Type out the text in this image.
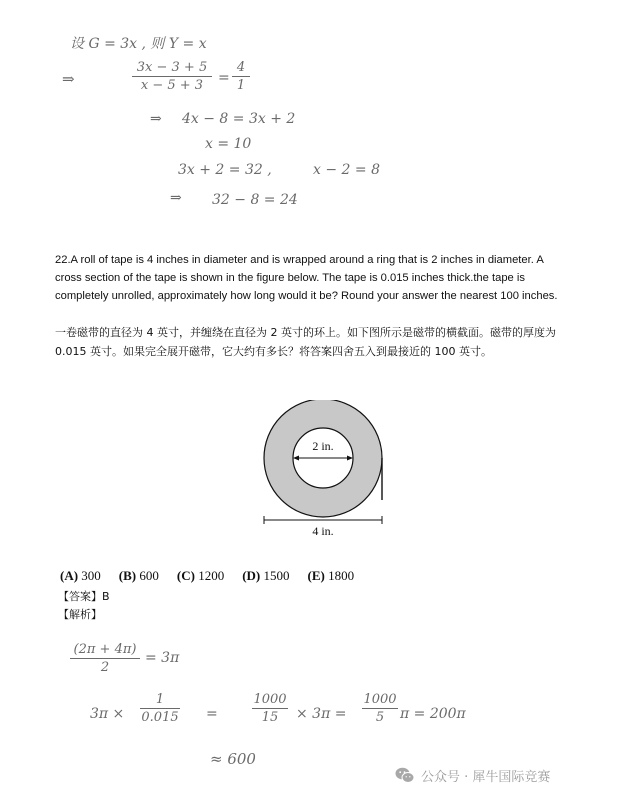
设 G = 3x , 则 Y = x
⇒
3x − 3 + 5
x − 5 + 3	=
4
1
⇒ 4x − 8 = 3x + 2
x = 10
3x + 2 = 32 ,	x − 2 = 8
⇒ 32 − 8 = 24
22.A roll of tape is 4 inches in diameter and is wrapped around a ring that is 2 inches in diameter. A cross section of the tape is shown in the figure below. The tape is 0.015 inches thick.the tape is completely unrolled, approximately how long would it be? Round your answer the nearest 100 inches.
一卷磁带的直径为 4 英寸，并缠绕在直径为 2 英寸的环上。如下图所示是磁带的横截面。磁带的厚度为 0.015 英寸。如果完全展开磁带，它大约有多长？将答案四舍五入到最接近的 100 英寸。
2 in.
4 in.
(A) 300 (B) 600 (C) 1200 (D) 1500 (E) 1800
【答案】B
【解析】
(2π + 4π)
2
= 3π
3π ×
1
0.015 =
1000
15	× 3π =
1000
5	π = 200π
≈ 600
公众号 · 犀牛国际竞赛
